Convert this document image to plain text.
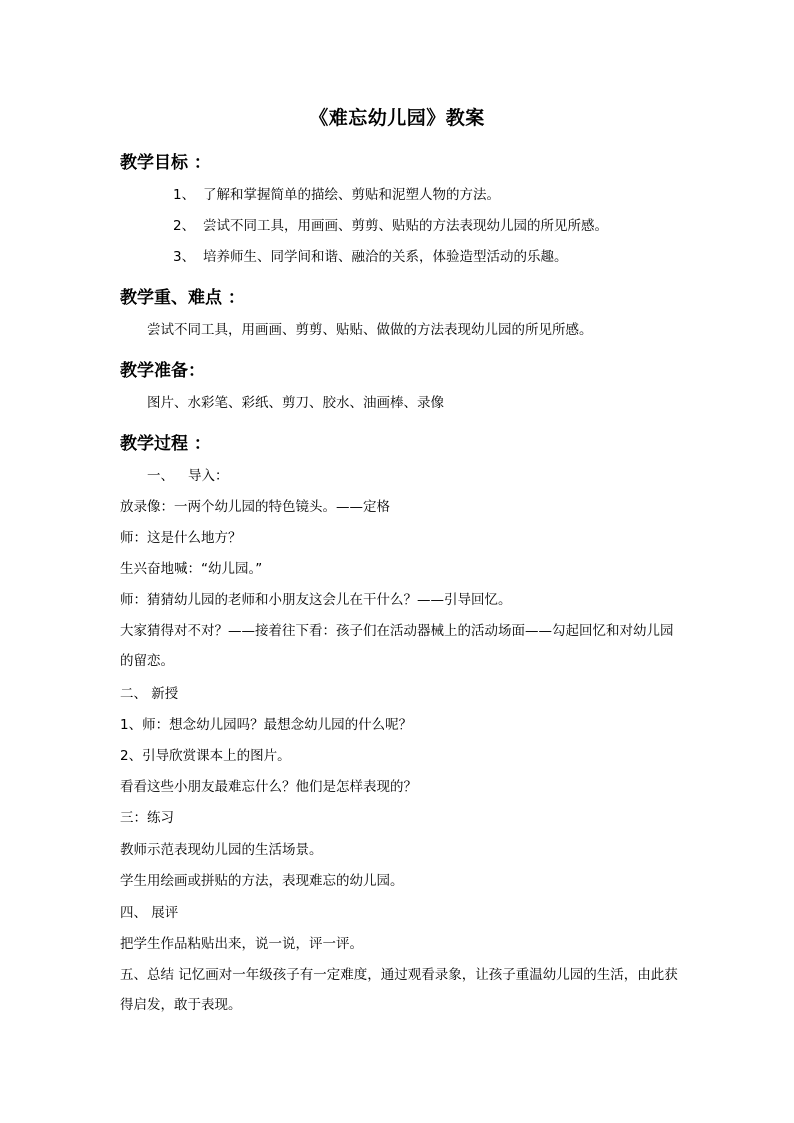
《难忘幼儿园》教案
教学目标 ：
1、 了解和掌握简单的描绘、剪贴和泥塑人物的方法。
2、 尝试不同工具，用画画、剪剪、贴贴的方法表现幼儿园的所见所感。
3、 培养师生、同学间和谐、融洽的关系，体验造型活动的乐趣。
教学重、难点 ：
尝试不同工具，用画画、剪剪、贴贴、做做的方法表现幼儿园的所见所感。
教学准备：
图片、水彩笔、彩纸、剪刀、胶水、油画棒、录像
教学过程 ：
一、 导入：
放录像：一两个幼儿园的特色镜头。——定格
师：这是什么地方？
生兴奋地喊：“幼儿园。”
师：猜猜幼儿园的老师和小朋友这会儿在干什么？——引导回忆。
大家猜得对不对？——接着往下看：孩子们在活动器械上的活动场面——勾起回忆和对幼儿园的留恋。
二、 新授
1、师：想念幼儿园吗？最想念幼儿园的什么呢？
2、引导欣赏课本上的图片。
看看这些小朋友最难忘什么？他们是怎样表现的？
三：练习
教师示范表现幼儿园的生活场景。
学生用绘画或拼贴的方法，表现难忘的幼儿园。
四、 展评
把学生作品粘贴出来，说一说，评一评。
五、总结 记忆画对一年级孩子有一定难度，通过观看录象，让孩子重温幼儿园的生活，由此获得启发，敢于表现。
